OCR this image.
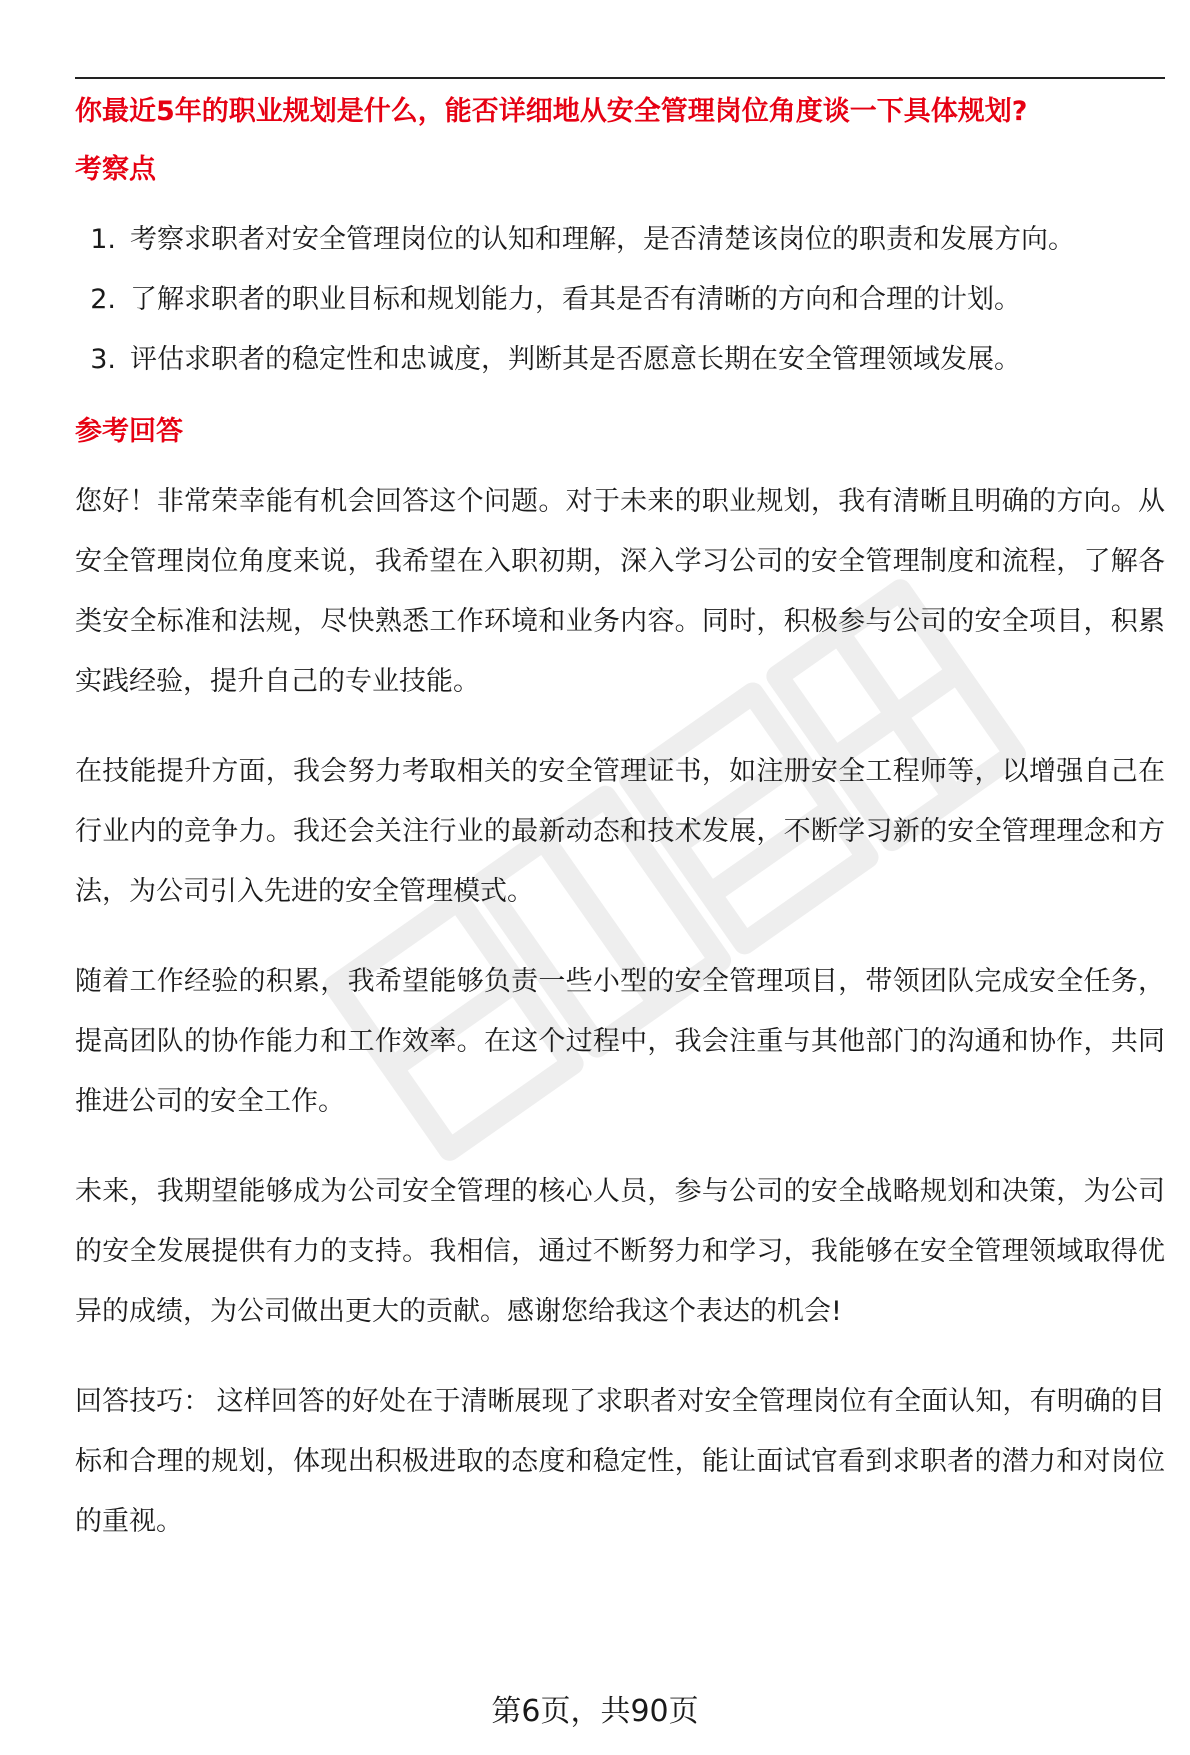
你最近5年的职业规划是什么，能否详细地从安全管理岗位角度谈一下具体规划?
考察点
1. 考察求职者对安全管理岗位的认知和理解，是否清楚该岗位的职责和发展方向。
2. 了解求职者的职业目标和规划能力，看其是否有清晰的方向和合理的计划。
3. 评估求职者的稳定性和忠诚度，判断其是否愿意长期在安全管理领域发展。
参考回答

您好！非常荣幸能有机会回答这个问题。对于未来的职业规划，我有清晰且明确的方向。从安全管理岗位角度来说，我希望在入职初期，深入学习公司的安全管理制度和流程，了解各类安全标准和法规，尽快熟悉工作环境和业务内容。同时，积极参与公司的安全项目，积累实践经验，提升自己的专业技能。

在技能提升方面，我会努力考取相关的安全管理证书，如注册安全工程师等，以增强自己在行业内的竞争力。我还会关注行业的最新动态和技术发展，不断学习新的安全管理理念和方法，为公司引入先进的安全管理模式。

随着工作经验的积累，我希望能够负责一些小型的安全管理项目，带领团队完成安全任务，提高团队的协作能力和工作效率。在这个过程中，我会注重与其他部门的沟通和协作，共同推进公司的安全工作。

未来，我期望能够成为公司安全管理的核心人员，参与公司的安全战略规划和决策，为公司的安全发展提供有力的支持。我相信，通过不断努力和学习，我能够在安全管理领域取得优异的成绩，为公司做出更大的贡献。感谢您给我这个表达的机会!

回答技巧： 这样回答的好处在于清晰展现了求职者对安全管理岗位有全面认知，有明确的目标和合理的规划，体现出积极进取的态度和稳定性，能让面试官看到求职者的潜力和对岗位的重视。

第6页，共90页
